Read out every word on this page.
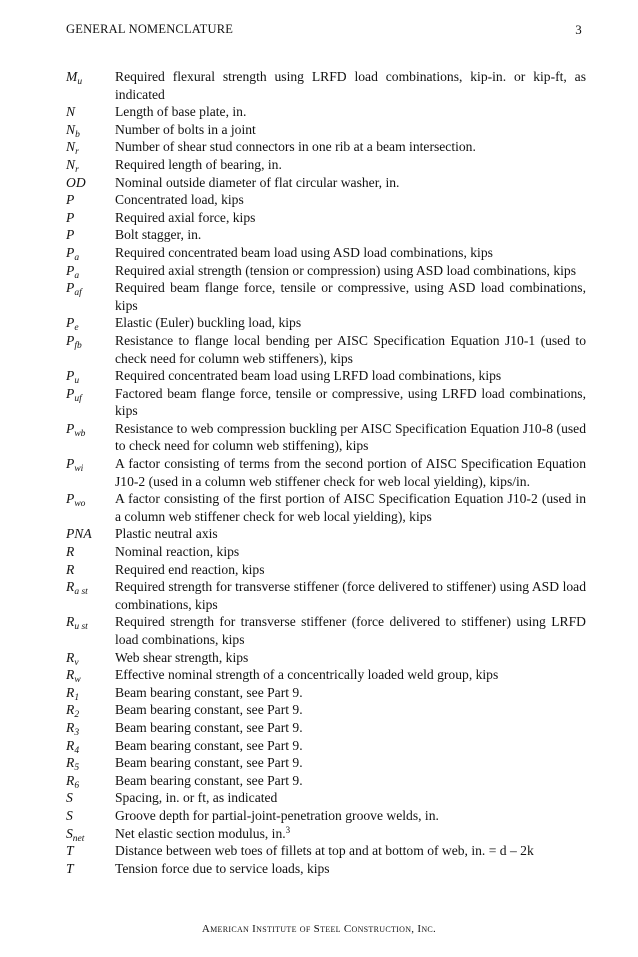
GENERAL NOMENCLATURE	3
$M_u$	Required flexural strength using LRFD load combinations, kip-in. or kip-ft, as indicated
N	Length of base plate, in.
$N_b$	Number of bolts in a joint
$N_r$	Number of shear stud connectors in one rib at a beam intersection.
$N_r$	Required length of bearing, in.
OD	Nominal outside diameter of flat circular washer, in.
P	Concentrated load, kips
P	Required axial force, kips
P	Bolt stagger, in.
$P_a$	Required concentrated beam load using ASD load combinations, kips
$P_a$	Required axial strength (tension or compression) using ASD load combinations, kips
$P_{af}$	Required beam flange force, tensile or compressive, using ASD load combinations, kips
$P_e$	Elastic (Euler) buckling load, kips
$P_{fb}$	Resistance to flange local bending per AISC Specification Equation J10-1 (used to check need for column web stiffeners), kips
$P_u$	Required concentrated beam load using LRFD load combinations, kips
$P_{uf}$	Factored beam flange force, tensile or compressive, using LRFD load combinations, kips
$P_{wb}$	Resistance to web compression buckling per AISC Specification Equation J10-8 (used to check need for column web stiffening), kips
$P_{wi}$	A factor consisting of terms from the second portion of AISC Specification Equation J10-2 (used in a column web stiffener check for web local yielding), kips/in.
$P_{wo}$	A factor consisting of the first portion of AISC Specification Equation J10-2 (used in a column web stiffener check for web local yielding), kips
PNA	Plastic neutral axis
R	Nominal reaction, kips
R	Required end reaction, kips
$R_{a st}$	Required strength for transverse stiffener (force delivered to stiffener) using ASD load combinations, kips
$R_{u st}$	Required strength for transverse stiffener (force delivered to stiffener) using LRFD load combinations, kips
$R_v$	Web shear strength, kips
$R_w$	Effective nominal strength of a concentrically loaded weld group, kips
$R_1$	Beam bearing constant, see Part 9.
$R_2$	Beam bearing constant, see Part 9.
$R_3$	Beam bearing constant, see Part 9.
$R_4$	Beam bearing constant, see Part 9.
$R_5$	Beam bearing constant, see Part 9.
$R_6$	Beam bearing constant, see Part 9.
S	Spacing, in. or ft, as indicated
S	Groove depth for partial-joint-penetration groove welds, in.
$S_{net}$	Net elastic section modulus, in.$^3$
T	Distance between web toes of fillets at top and at bottom of web, in. = d – 2k
T	Tension force due to service loads, kips
American Institute of Steel Construction, Inc.
